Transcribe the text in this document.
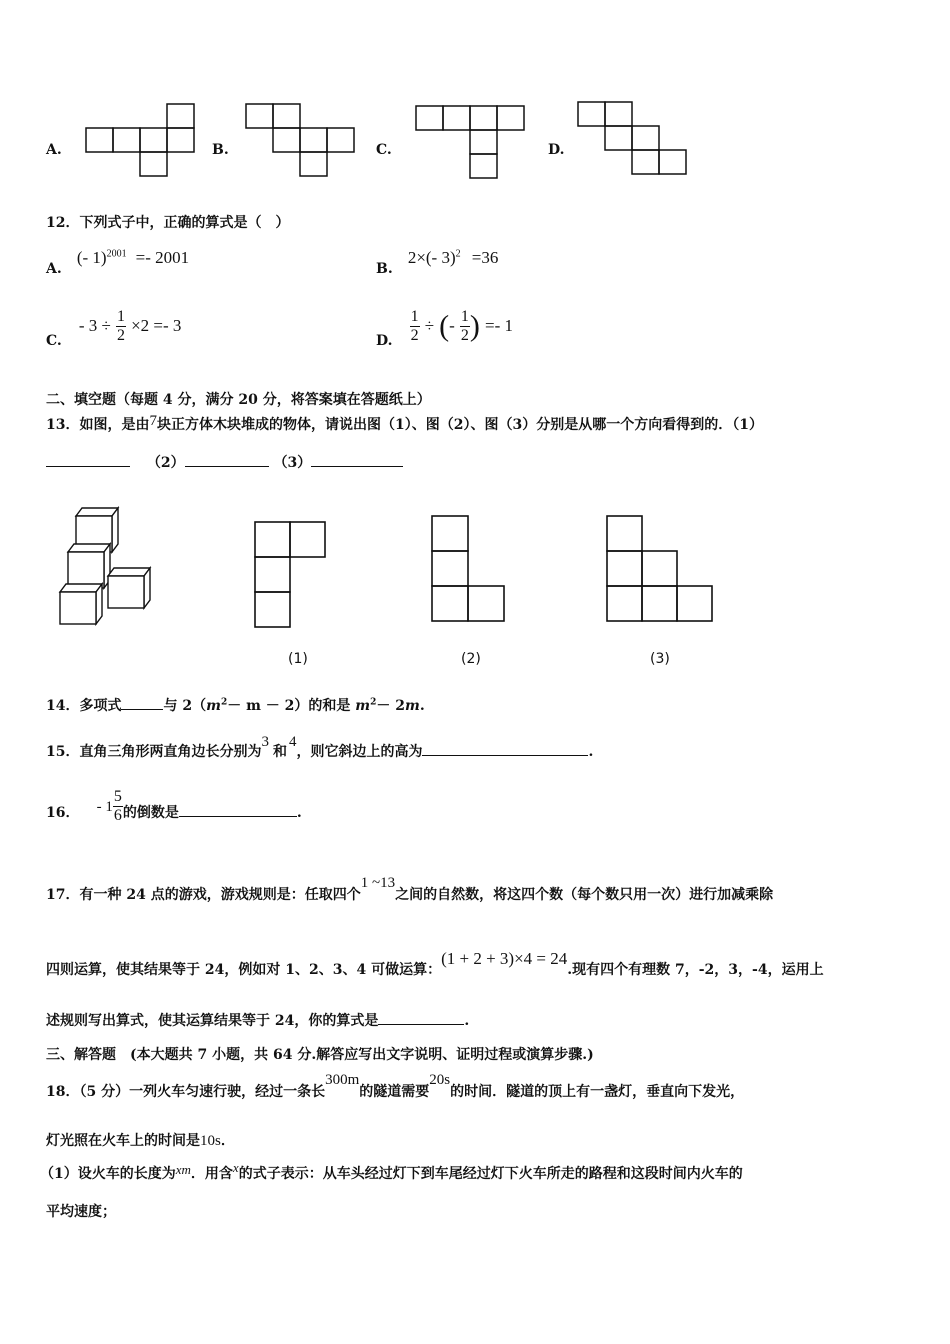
A.	B.	C.	D.
12．下列式子中，正确的算式是（　）
A. (- 1)$^{2001}$ =- 2001
B. 2×(- 3)$^2$ =36
C. - $3 \div \frac{1}{2} \times 2 =- 3$
D. $\frac{1}{2}$ ÷ (- $\frac{1}{2}$ ) =- 1
二、填空题（每题 4 分，满分 20 分，将答案填在答题纸上）
13．如图，是由7块正方体木块堆成的物体，请说出图（1）、图（2）、图（3）分别是从哪一个方向看得到的．（1）
（2）	（3）
(1)	(2)	(3)
14．多项式	与 $2(m^2- m - 2)$的和是 $m^2- 2m$.
15．直角三角形两直角边长分别为3和4，则它斜边上的高为	.
16． - $1 \frac{5}{6}$ 的倒数是	.
17．有一种 24 点的游戏，游戏规则是：任取四个1 ~13之间的自然数，将这四个数（每个数只用一次）进行加减乘除
四则运算，使其结果等于 24，例如对 1、2、3、4 可做运算：(1 + 2 + 3)×4 = 24.现有四个有理数 7，-2，3，-4，运用上
述规则写出算式，使其运算结果等于 24，你的算式是	.
三、解答题　(本大题共 7 小题，共 64 分.解答应写出文字说明、证明过程或演算步骤.)
18．（5 分）一列火车匀速行驶，经过一条长300m的隧道需要20s的时间．隧道的顶上有一盏灯，垂直向下发光，
灯光照在火车上的时间是10s．
（1）设火车的长度为xm．用含x的式子表示：从车头经过灯下到车尾经过灯下火车所走的路程和这段时间内火车的
平均速度；
